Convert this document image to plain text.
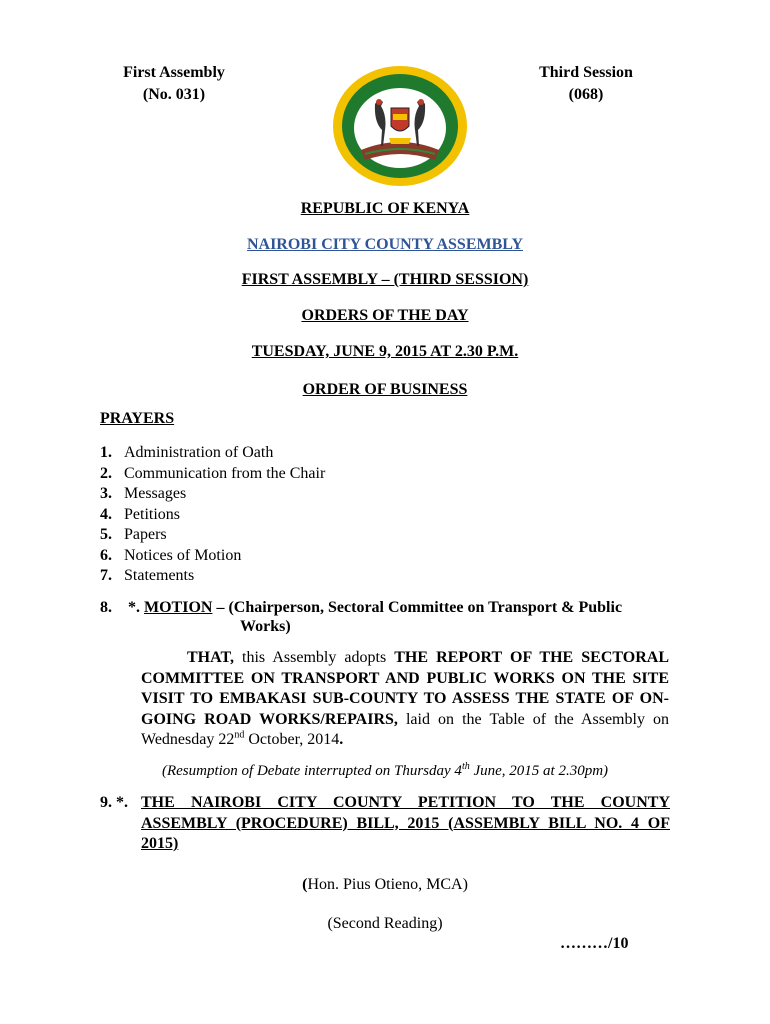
First Assembly
(No. 031)
Third Session
(068)
REPUBLIC OF KENYA
NAIROBI CITY COUNTY ASSEMBLY
FIRST ASSEMBLY – (THIRD SESSION)
ORDERS OF THE DAY
TUESDAY, JUNE 9, 2015 AT 2.30 P.M.
ORDER OF BUSINESS
PRAYERS
1. Administration of Oath
2. Communication from the Chair
3. Messages
4. Petitions
5. Papers
6. Notices of Motion
7. Statements
8. *. MOTION – (Chairperson, Sectoral Committee on Transport & Public
Works)
THAT, this Assembly adopts THE REPORT OF THE SECTORAL COMMITTEE ON TRANSPORT AND PUBLIC WORKS ON THE SITE VISIT TO EMBAKASI SUB-COUNTY TO ASSESS THE STATE OF ON-GOING ROAD WORKS/REPAIRS, laid on the Table of the Assembly on Wednesday 22nd October, 2014.
(Resumption of Debate interrupted on Thursday 4th June, 2015 at 2.30pm)
9. *. THE NAIROBI CITY COUNTY PETITION TO THE COUNTY ASSEMBLY (PROCEDURE) BILL, 2015 (ASSEMBLY BILL NO. 4 OF 2015)
(Hon. Pius Otieno, MCA)
(Second Reading)
………/10
